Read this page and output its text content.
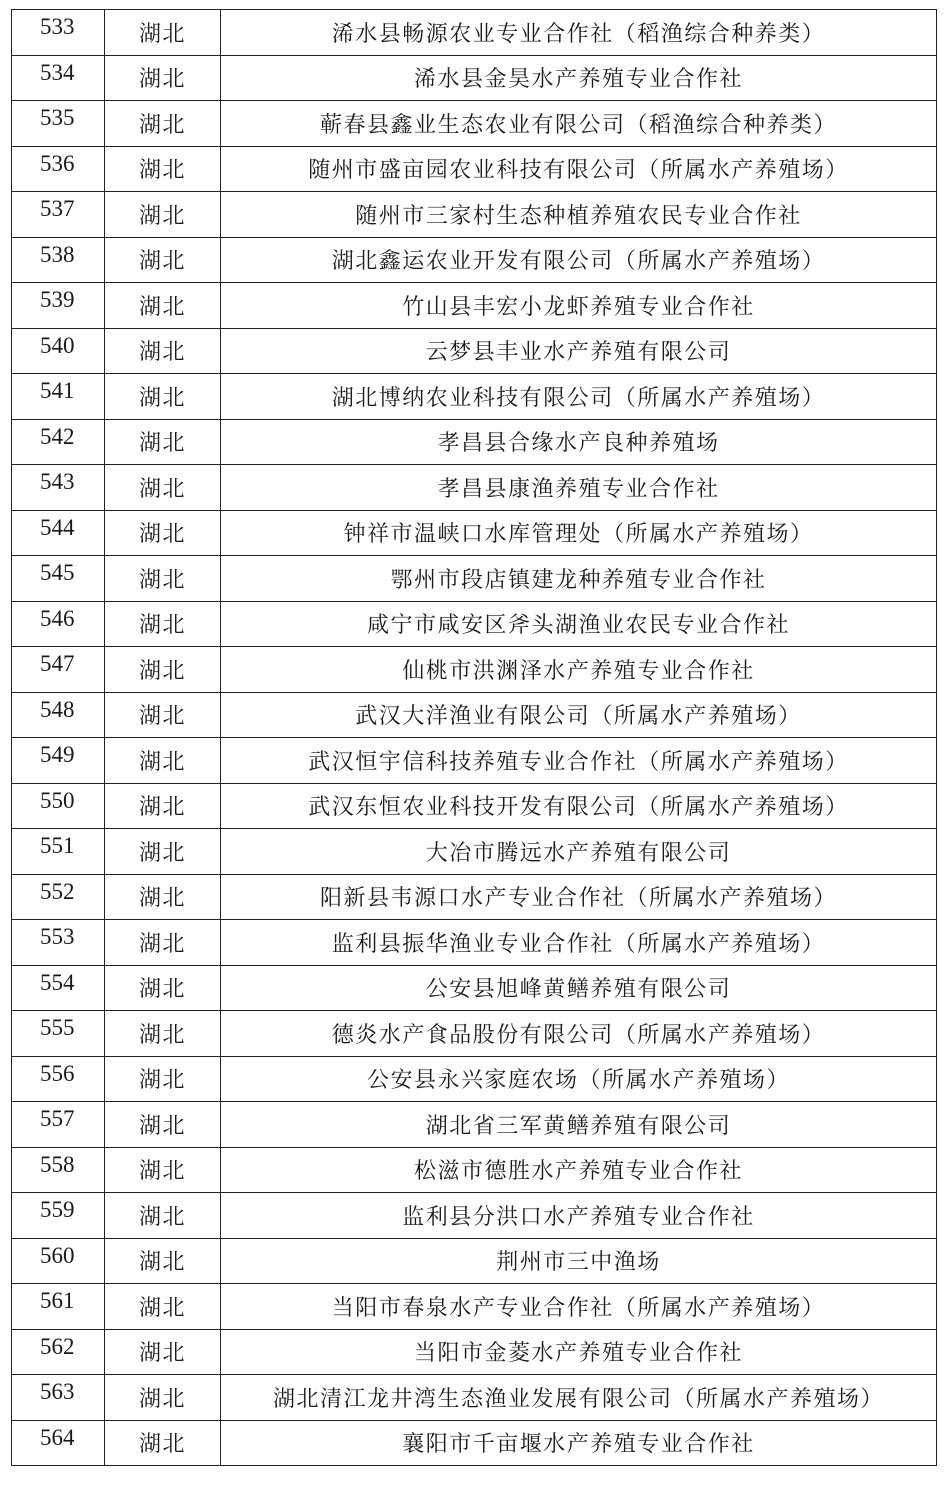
533	湖北	浠水县畅源农业专业合作社（稻渔综合种养类）
534	湖北	浠水县金昊水产养殖专业合作社
535	湖北	蕲春县鑫业生态农业有限公司（稻渔综合种养类）
536	湖北	随州市盛亩园农业科技有限公司（所属水产养殖场）
537	湖北	随州市三家村生态种植养殖农民专业合作社
538	湖北	湖北鑫运农业开发有限公司（所属水产养殖场）
539	湖北	竹山县丰宏小龙虾养殖专业合作社
540	湖北	云梦县丰业水产养殖有限公司
541	湖北	湖北博纳农业科技有限公司（所属水产养殖场）
542	湖北	孝昌县合缘水产良种养殖场
543	湖北	孝昌县康渔养殖专业合作社
544	湖北	钟祥市温峡口水库管理处（所属水产养殖场）
545	湖北	鄂州市段店镇建龙种养殖专业合作社
546	湖北	咸宁市咸安区斧头湖渔业农民专业合作社
547	湖北	仙桃市洪渊泽水产养殖专业合作社
548	湖北	武汉大洋渔业有限公司（所属水产养殖场）
549	湖北	武汉恒宇信科技养殖专业合作社（所属水产养殖场）
550	湖北	武汉东恒农业科技开发有限公司（所属水产养殖场）
551	湖北	大冶市腾远水产养殖有限公司
552	湖北	阳新县韦源口水产专业合作社（所属水产养殖场）
553	湖北	监利县振华渔业专业合作社（所属水产养殖场）
554	湖北	公安县旭峰黄鳝养殖有限公司
555	湖北	德炎水产食品股份有限公司（所属水产养殖场）
556	湖北	公安县永兴家庭农场（所属水产养殖场）
557	湖北	湖北省三军黄鳝养殖有限公司
558	湖北	松滋市德胜水产养殖专业合作社
559	湖北	监利县分洪口水产养殖专业合作社
560	湖北	荆州市三中渔场
561	湖北	当阳市春泉水产专业合作社（所属水产养殖场）
562	湖北	当阳市金菱水产养殖专业合作社
563	湖北	湖北清江龙井湾生态渔业发展有限公司（所属水产养殖场）
564	湖北	襄阳市千亩堰水产养殖专业合作社
